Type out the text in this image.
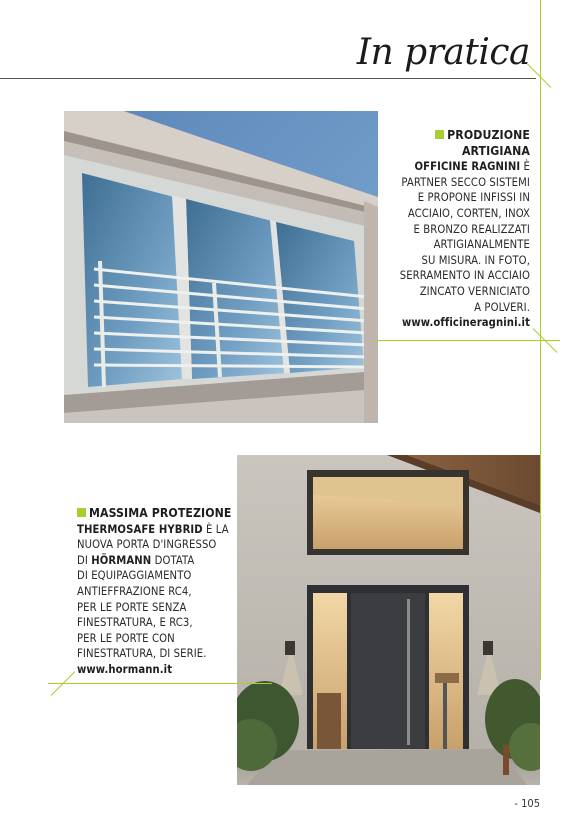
In pratica
PRODUZIONE
ARTIGIANA
OFFICINE RAGNINI È
PARTNER SECCO SISTEMI
E PROPONE INFISSI IN
ACCIAIO, CORTEN, INOX
E BRONZO REALIZZATI
ARTIGIANALMENTE
SU MISURA. IN FOTO,
SERRAMENTO IN ACCIAIO
ZINCATO VERNICIATO
A POLVERI.
www.officineragnini.it
MASSIMA PROTEZIONE
THERMOSAFE HYBRID È LA
NUOVA PORTA D'INGRESSO
DI HÖRMANN DOTATA
DI EQUIPAGGIAMENTO
ANTIEFFRAZIONE RC4,
PER LE PORTE SENZA
FINESTRATURA, E RC3,
PER LE PORTE CON
FINESTRATURA, DI SERIE.
www.hormann.it
- 105
